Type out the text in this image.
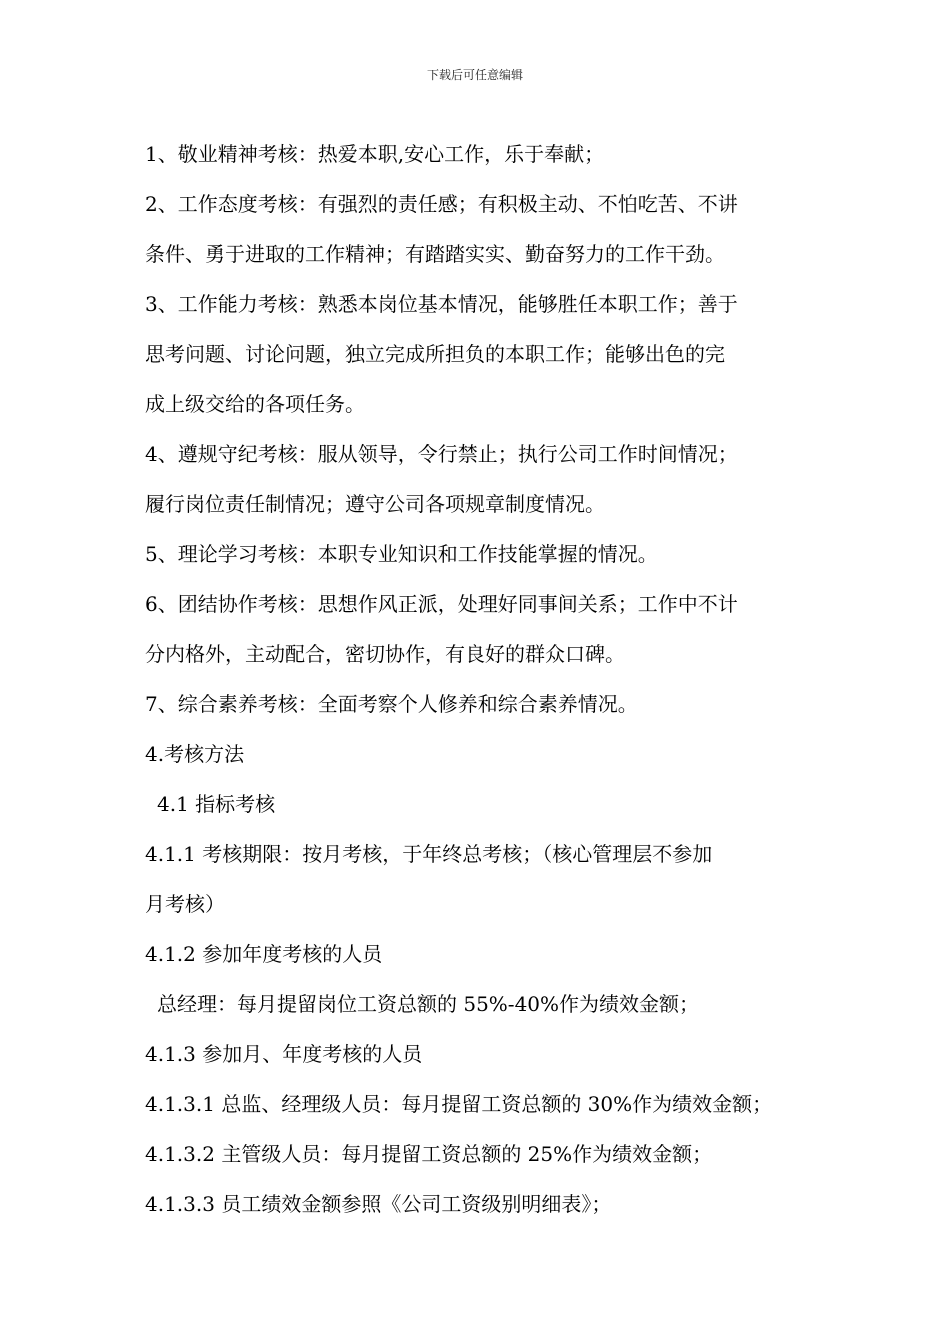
下载后可任意编辑
1、敬业精神考核：热爱本职,安心工作，乐于奉献；
2、工作态度考核：有强烈的责任感；有积极主动、不怕吃苦、不讲
条件、勇于进取的工作精神；有踏踏实实、勤奋努力的工作干劲。
3、工作能力考核：熟悉本岗位基本情况，能够胜任本职工作；善于
思考问题、讨论问题，独立完成所担负的本职工作；能够出色的完
成上级交给的各项任务。
4、遵规守纪考核：服从领导，令行禁止；执行公司工作时间情况；
履行岗位责任制情况；遵守公司各项规章制度情况。
5、理论学习考核：本职专业知识和工作技能掌握的情况。
6、团结协作考核：思想作风正派，处理好同事间关系；工作中不计
分内格外，主动配合，密切协作，有良好的群众口碑。
7、综合素养考核：全面考察个人修养和综合素养情况。
4.考核方法
4.1 指标考核
4.1.1 考核期限：按月考核，于年终总考核；（核心管理层不参加
月考核）
4.1.2 参加年度考核的人员
总经理：每月提留岗位工资总额的 55%-40%作为绩效金额；
4.1.3 参加月、年度考核的人员
4.1.3.1 总监、经理级人员：每月提留工资总额的 30%作为绩效金额；
4.1.3.2 主管级人员：每月提留工资总额的 25%作为绩效金额；
4.1.3.3 员工绩效金额参照《公司工资级别明细表》；
